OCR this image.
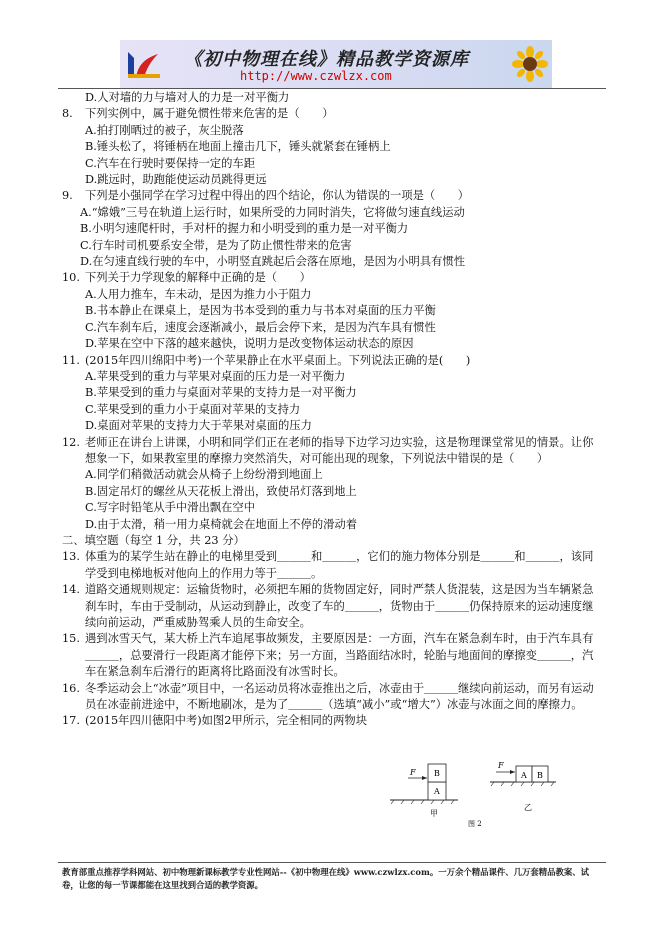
《初中物理在线》精品教学资源库
http://www.czwlzx.com
D.人对墙的力与墙对人的力是一对平衡力
8.	下列实例中，属于避免惯性带来危害的是（　　）
A.拍打刚晒过的被子，灰尘脱落
B.锤头松了，将锤柄在地面上撞击几下，锤头就紧套在锤柄上
C.汽车在行驶时要保持一定的车距
D.跳远时，助跑能使运动员跳得更远
9.	下列是小强同学在学习过程中得出的四个结论，你认为错误的一项是（　　）
A.“嫦娥”三号在轨道上运行时，如果所受的力同时消失，它将做匀速直线运动
B.小明匀速爬杆时，手对杆的握力和小明受到的重力是一对平衡力
C.行车时司机要系安全带，是为了防止惯性带来的危害
D.在匀速直线行驶的车中，小明竖直跳起后会落在原地，是因为小明具有惯性
10. 下列关于力学现象的解释中正确的是（　　）
A.人用力推车，车未动，是因为推力小于阻力
B.书本静止在课桌上，是因为书本受到的重力与书本对桌面的压力平衡
C.汽车刹车后，速度会逐渐减小，最后会停下来，是因为汽车具有惯性
D.苹果在空中下落的越来越快，说明力是改变物体运动状态的原因
11. (2015年四川绵阳中考)一个苹果静止在水平桌面上。下列说法正确的是(　　)
A.苹果受到的重力与苹果对桌面的压力是一对平衡力
B.苹果受到的重力与桌面对苹果的支持力是一对平衡力
C.苹果受到的重力小于桌面对苹果的支持力
D.桌面对苹果的支持力大于苹果对桌面的压力
12. 老师正在讲台上讲课，小明和同学们正在老师的指导下边学习边实验，这是物理课堂常见的情景。让你想象一下，如果教室里的摩擦力突然消失，对可能出现的现象，下列说法中错误的是（　　）
A.同学们稍微活动就会从椅子上纷纷滑到地面上
B.固定吊灯的螺丝从天花板上滑出，致使吊灯落到地上
C.写字时铅笔从手中滑出飘在空中
D.由于太滑，稍一用力桌椅就会在地面上不停的滑动着
二、填空题（每空 1 分，共 23 分）
13. 体重为的某学生站在静止的电梯里受到＿＿＿和＿＿＿，它们的施力物体分别是＿＿＿和＿＿＿，该同学受到电梯地板对他向上的作用力等于＿＿＿。
14. 道路交通规则规定：运输货物时，必须把车厢的货物固定好，同时严禁人货混装，这是因为当车辆紧急刹车时，车由于受制动，从运动到静止，改变了车的＿＿＿，货物由于＿＿＿仍保持原来的运动速度继续向前运动，严重威胁驾乘人员的生命安全。
15. 遇到冰雪天气，某大桥上汽车追尾事故频发，主要原因是：一方面，汽车在紧急刹车时，由于汽车具有＿＿＿，总要滑行一段距离才能停下来；另一方面，当路面结冰时，轮胎与地面间的摩擦变＿＿＿，汽车在紧急刹车后滑行的距离将比路面没有冰雪时长。
16. 冬季运动会上“冰壶”项目中，一名运动员将冰壶推出之后，冰壶由于＿＿＿继续向前运动，而另有运动员在冰壶前进途中，不断地刷冰，是为了＿＿＿（选填“减小”或“增大”）冰壶与冰面之间的摩擦力。
17. (2015年四川德阳中考)如图2甲所示，完全相同的两物块
F B
A
甲
F
A B
乙
图 2
教育部重点推荐学科网站、初中物理新课标教学专业性网站--《初中物理在线》www.czwlzx.com。一万余个精品课件、几万套精品教案、试卷，让您的每一节课都能在这里找到合适的教学资源。
